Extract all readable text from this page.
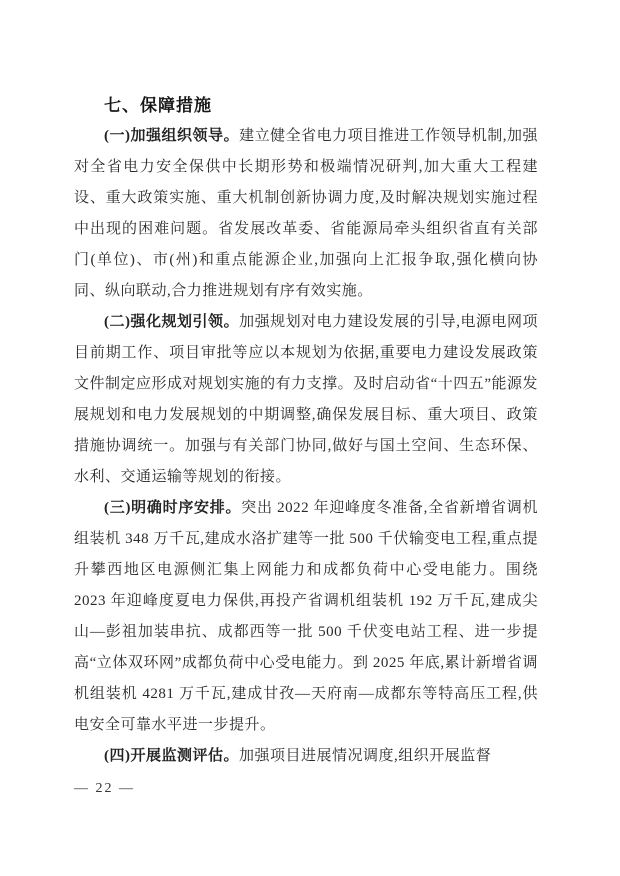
七、保障措施

(一)加强组织领导。建立健全省电力项目推进工作领导机制,加强对全省电力安全保供中长期形势和极端情况研判,加大重大工程建设、重大政策实施、重大机制创新协调力度,及时解决规划实施过程中出现的困难问题。省发展改革委、省能源局牵头组织省直有关部门(单位)、市(州)和重点能源企业,加强向上汇报争取,强化横向协同、纵向联动,合力推进规划有序有效实施。

(二)强化规划引领。加强规划对电力建设发展的引导,电源电网项目前期工作、项目审批等应以本规划为依据,重要电力建设发展政策文件制定应形成对规划实施的有力支撑。及时启动省“十四五”能源发展规划和电力发展规划的中期调整,确保发展目标、重大项目、政策措施协调统一。加强与有关部门协同,做好与国土空间、生态环保、水利、交通运输等规划的衔接。

(三)明确时序安排。突出 2022 年迎峰度冬准备,全省新增省调机组装机 348 万千瓦,建成水洛扩建等一批 500 千伏输变电工程,重点提升攀西地区电源侧汇集上网能力和成都负荷中心受电能力。围绕 2023 年迎峰度夏电力保供,再投产省调机组装机 192 万千瓦,建成尖山—彭祖加装串抗、成都西等一批 500 千伏变电站工程、进一步提高“立体双环网”成都负荷中心受电能力。到 2025 年底,累计新增省调机组装机 4281 万千瓦,建成甘孜—天府南—成都东等特高压工程,供电安全可靠水平进一步提升。

(四)开展监测评估。加强项目进展情况调度,组织开展监督

— 22 —
